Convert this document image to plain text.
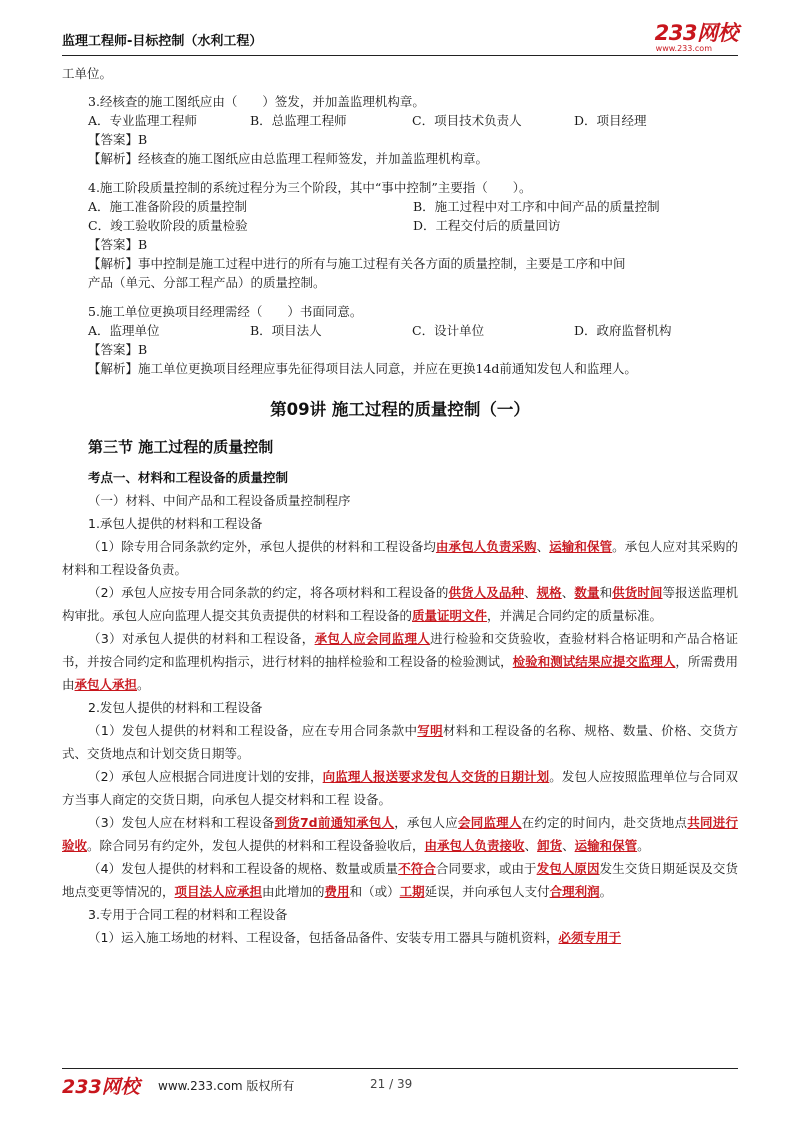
监理工程师-目标控制（水利工程）	233网校
www.233.com
工单位。
3.经核查的施工图纸应由（　　）签发，并加盖监理机构章。
A．专业监理工程师	B．总监理工程师	C．项目技术负责人	D．项目经理
【答案】B
【解析】经核查的施工图纸应由总监理工程师签发，并加盖监理机构章。
4.施工阶段质量控制的系统过程分为三个阶段，其中“事中控制”主要指（　　）。
A．施工准备阶段的质量控制	B．施工过程中对工序和中间产品的质量控制
C．竣工验收阶段的质量检验	D．工程交付后的质量回访
【答案】B
【解析】事中控制是施工过程中进行的所有与施工过程有关各方面的质量控制，主要是工序和中间
产品（单元、分部工程产品）的质量控制。
5.施工单位更换项目经理需经（　　）书面同意。
A．监理单位	B．项目法人	C．设计单位	D．政府监督机构
【答案】B
【解析】施工单位更换项目经理应事先征得项目法人同意，并应在更换14d前通知发包人和监理人。
第09讲 施工过程的质量控制（一）
第三节 施工过程的质量控制
考点一、材料和工程设备的质量控制
（一）材料、中间产品和工程设备质量控制程序
1.承包人提供的材料和工程设备
（1）除专用合同条款约定外，承包人提供的材料和工程设备均由承包人负责采购、运输和保管。承包人应对其采购的材料和工程设备负责。
（2）承包人应按专用合同条款的约定，将各项材料和工程设备的供货人及品种、规格、数量和供货时间等报送监理机构审批。承包人应向监理人提交其负责提供的材料和工程设备的质量证明文件，并满足合同约定的质量标准。
（3）对承包人提供的材料和工程设备，承包人应会同监理人进行检验和交货验收，查验材料合格证明和产品合格证书，并按合同约定和监理机构指示，进行材料的抽样检验和工程设备的检验测试，检验和测试结果应提交监理人，所需费用由承包人承担。
2.发包人提供的材料和工程设备
（1）发包人提供的材料和工程设备，应在专用合同条款中写明材料和工程设备的名称、规格、数量、价格、交货方式、交货地点和计划交货日期等。
（2）承包人应根据合同进度计划的安排，向监理人报送要求发包人交货的日期计划。发包人应按照监理单位与合同双方当事人商定的交货日期，向承包人提交材料和工程 设备。
（3）发包人应在材料和工程设备到货7d前通知承包人，承包人应会同监理人在约定的时间内，赴交货地点共同进行验收。除合同另有约定外，发包人提供的材料和工程设备验收后，由承包人负责接收、卸货、运输和保管。
（4）发包人提供的材料和工程设备的规格、数量或质量不符合合同要求，或由于发包人原因发生交货日期延误及交货地点变更等情况的，项目法人应承担由此增加的费用和（或）工期延误，并向承包人支付合理利润。
3.专用于合同工程的材料和工程设备
（1）运入施工场地的材料、工程设备，包括备品备件、安装专用工器具与随机资料，必须专用于
233网校 www.233.com 版权所有	21 / 39
